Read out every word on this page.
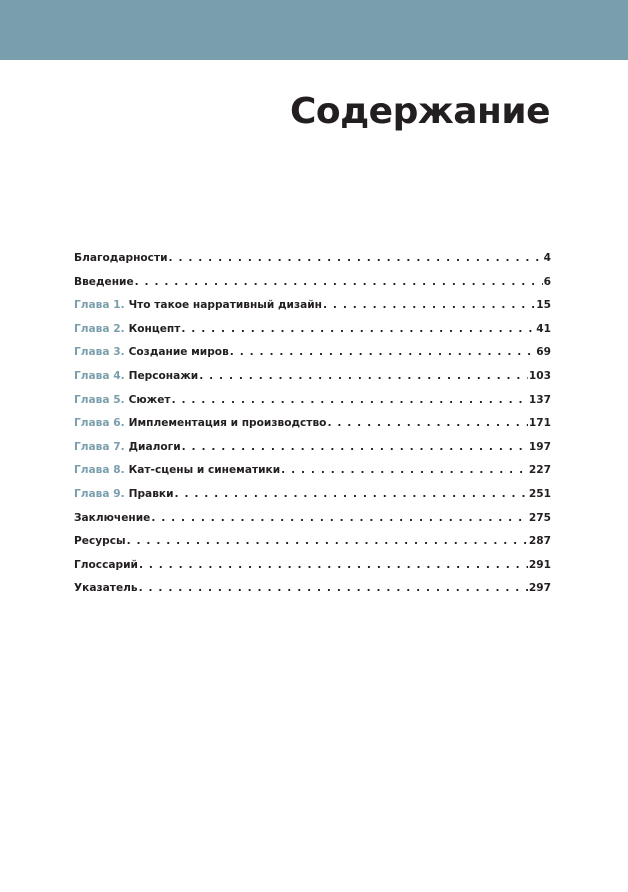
Содержание
Благодарности . . .	4
Введение . . .	6
Глава 1. Что такое нарративный дизайн . . .	15
Глава 2. Концепт . . .	41
Глава 3. Создание миров . . .	69
Глава 4. Персонажи . . .	103
Глава 5. Сюжет . . .	137
Глава 6. Имплементация и производство . . .	171
Глава 7. Диалоги . . .	197
Глава 8. Кат-сцены и синематики . . .	227
Глава 9. Правки . . .	251
Заключение . . .	275
Ресурсы . . .	287
Глоссарий . . .	291
Указатель . . .	297
